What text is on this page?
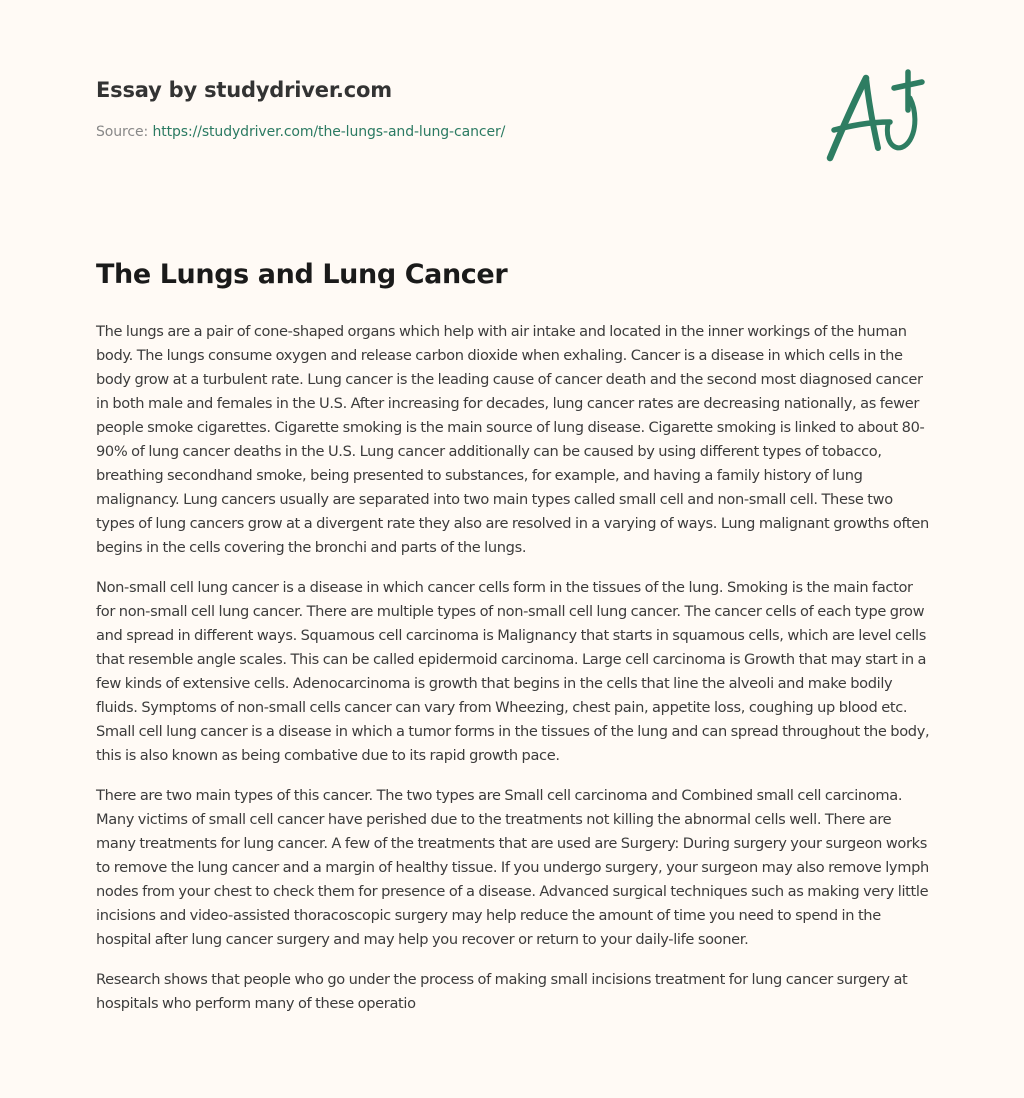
Essay by studydriver.com
Source: https://studydriver.com/the-lungs-and-lung-cancer/
The Lungs and Lung Cancer

The lungs are a pair of cone-shaped organs which help with air intake and located in the inner workings of the human body. The lungs consume oxygen and release carbon dioxide when exhaling. Cancer is a disease in which cells in the body grow at a turbulent rate. Lung cancer is the leading cause of cancer death and the second most diagnosed cancer in both male and females in the U.S. After increasing for decades, lung cancer rates are decreasing nationally, as fewer people smoke cigarettes. Cigarette smoking is the main source of lung disease. Cigarette smoking is linked to about 80-90% of lung cancer deaths in the U.S. Lung cancer additionally can be caused by using different types of tobacco, breathing secondhand smoke, being presented to substances, for example, and having a family history of lung malignancy. Lung cancers usually are separated into two main types called small cell and non-small cell. These two types of lung cancers grow at a divergent rate they also are resolved in a varying of ways. Lung malignant growths often begins in the cells covering the bronchi and parts of the lungs.

Non-small cell lung cancer is a disease in which cancer cells form in the tissues of the lung. Smoking is the main factor for non-small cell lung cancer. There are multiple types of non-small cell lung cancer. The cancer cells of each type grow and spread in different ways. Squamous cell carcinoma is Malignancy that starts in squamous cells, which are level cells that resemble angle scales. This can be called epidermoid carcinoma. Large cell carcinoma is Growth that may start in a few kinds of extensive cells. Adenocarcinoma is growth that begins in the cells that line the alveoli and make bodily fluids. Symptoms of non-small cells cancer can vary from Wheezing, chest pain, appetite loss, coughing up blood etc. Small cell lung cancer is a disease in which a tumor forms in the tissues of the lung and can spread throughout the body, this is also known as being combative due to its rapid growth pace.

There are two main types of this cancer. The two types are Small cell carcinoma and Combined small cell carcinoma. Many victims of small cell cancer have perished due to the treatments not killing the abnormal cells well. There are many treatments for lung cancer. A few of the treatments that are used are Surgery: During surgery your surgeon works to remove the lung cancer and a margin of healthy tissue. If you undergo surgery, your surgeon may also remove lymph nodes from your chest to check them for presence of a disease. Advanced surgical techniques such as making very little incisions and video-assisted thoracoscopic surgery may help reduce the amount of time you need to spend in the hospital after lung cancer surgery and may help you recover or return to your daily-life sooner.

Research shows that people who go under the process of making small incisions treatment for lung cancer surgery at hospitals who perform many of these operatio
